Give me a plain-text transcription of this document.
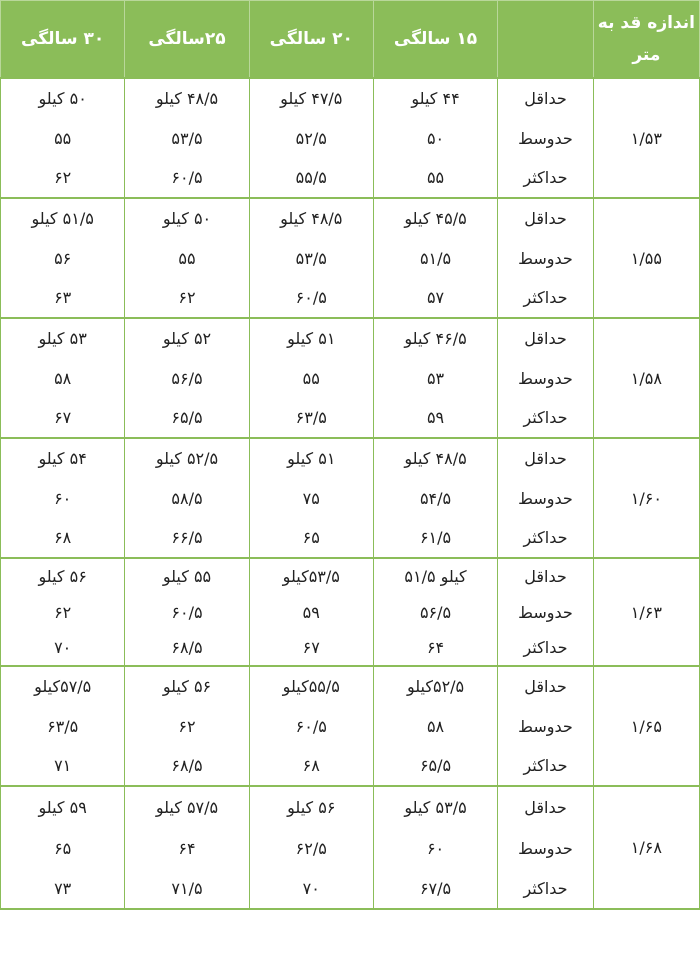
اندازه قد به متر		۱۵ سالگی	۲۰ سالگی	۲۵سالگی	۳۰ سالگی
۱/۵۳	حداقل	۴۴ کیلو	۴۷/۵ کیلو	۴۸/۵ کیلو	۵۰ کیلو
	حدوسط	۵۰	۵۲/۵	۵۳/۵	۵۵
	حداکثر	۵۵	۵۵/۵	۶۰/۵	۶۲
۱/۵۵	حداقل	۴۵/۵ کیلو	۴۸/۵ کیلو	۵۰ کیلو	۵۱/۵ کیلو
	حدوسط	۵۱/۵	۵۳/۵	۵۵	۵۶
	حداکثر	۵۷	۶۰/۵	۶۲	۶۳
۱/۵۸	حداقل	۴۶/۵ کیلو	۵۱ کیلو	۵۲ کیلو	۵۳ کیلو
	حدوسط	۵۳	۵۵	۵۶/۵	۵۸
	حداکثر	۵۹	۶۳/۵	۶۵/۵	۶۷
۱/۶۰	حداقل	۴۸/۵ کیلو	۵۱ کیلو	۵۲/۵ کیلو	۵۴ کیلو
	حدوسط	۵۴/۵	۷۵	۵۸/۵	۶۰
	حداکثر	۶۱/۵	۶۵	۶۶/۵	۶۸
۱/۶۳	حداقل	کیلو ۵۱/۵	۵۳/۵کیلو	۵۵ کیلو	۵۶ کیلو
	حدوسط	۵۶/۵	۵۹	۶۰/۵	۶۲
	حداکثر	۶۴	۶۷	۶۸/۵	۷۰
۱/۶۵	حداقل	۵۲/۵کیلو	۵۵/۵کیلو	۵۶ کیلو	۵۷/۵کیلو
	حدوسط	۵۸	۶۰/۵	۶۲	۶۳/۵
	حداکثر	۶۵/۵	۶۸	۶۸/۵	۷۱
۱/۶۸	حداقل	۵۳/۵ کیلو	۵۶ کیلو	۵۷/۵ کیلو	۵۹ کیلو
	حدوسط	۶۰	۶۲/۵	۶۴	۶۵
	حداکثر	۶۷/۵	۷۰	۷۱/۵	۷۳
